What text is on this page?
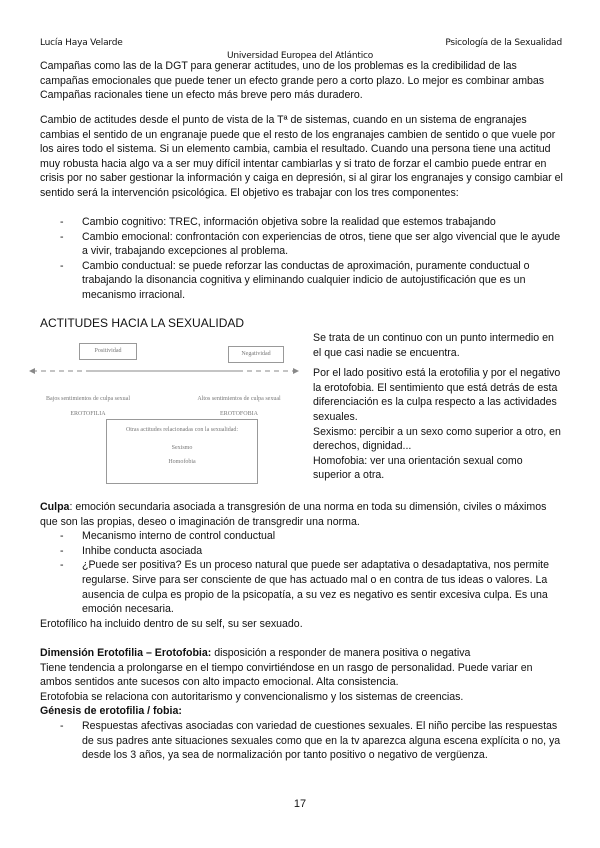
Lucía Haya Velarde	Psicología de la Sexualidad
Universidad Europea del Atlántico

Campañas como las de la DGT para generar actitudes, uno de los problemas es la credibilidad de las campañas emocionales que puede tener un efecto grande pero a corto plazo. Lo mejor es combinar ambas Campañas racionales tiene un efecto más breve pero más duradero.

Cambio de actitudes desde el punto de vista de la Tª de sistemas, cuando en un sistema de engranajes cambias el sentido de un engranaje puede que el resto de los engranajes cambien de sentido o que vuele por los aires todo el sistema. Si un elemento cambia, cambia el resultado. Cuando una persona tiene una actitud muy robusta hacia algo va a ser muy difícil intentar cambiarlas y si trato de forzar el cambio puede entrar en crisis por no saber gestionar la información y caiga en depresión, si al girar los engranajes y consigo cambiar el sentido será la intervención psicológica. El objetivo es trabajar con los tres componentes:

- Cambio cognitivo: TREC, información objetiva sobre la realidad que estemos trabajando
- Cambio emocional: confrontación con experiencias de otros, tiene que ser algo vivencial que le ayude a vivir, trabajando excepciones al problema.
- Cambio conductual: se puede reforzar las conductas de aproximación, puramente conductual o trabajando la disonancia cognitiva y eliminando cualquier indicio de autojustificación que es un mecanismo irracional.
ACTITUDES HACIA LA SEXUALIDAD
Positividad	Negatividad
Bajos sentimientos de culpa sexual
EROTOFILIA
Altos sentimientos de culpa sexual
EROTOFOBIA
Otras actitudes relacionadas con la sexualidad:
Sexismo
Homofobia

Se trata de un continuo con un punto intermedio en el que casi nadie se encuentra.

Por el lado positivo está la erotofilia y por el negativo la erotofobia. El sentimiento que está detrás de esta diferenciación es la culpa respecto a las actividades sexuales.

Sexismo: percibir a un sexo como superior a otro, en derechos, dignidad...

Homofobia: ver una orientación sexual como superior a otra.

Culpa: emoción secundaria asociada a transgresión de una norma en toda su dimensión, civiles o máximos que son las propias, deseo o imaginación de transgredir una norma.
- Mecanismo interno de control conductual
- Inhibe conducta asociada
- ¿Puede ser positiva? Es un proceso natural que puede ser adaptativa o desadaptativa, nos permite regularse. Sirve para ser consciente de que has actuado mal o en contra de tus ideas o valores. La ausencia de culpa es propio de la psicopatía, a su vez es negativo es sentir excesiva culpa. Es una emoción necesaria.
Erotofílico ha incluido dentro de su self, su ser sexuado.
Dimensión Erotofilia – Erotofobia: disposición a responder de manera positiva o negativa
Tiene tendencia a prolongarse en el tiempo convirtiéndose en un rasgo de personalidad. Puede variar en ambos sentidos ante sucesos con alto impacto emocional. Alta consistencia.
Erotofobia se relaciona con autoritarismo y convencionalismo y los sistemas de creencias.
Génesis de erotofilia / fobia:
- Respuestas afectivas asociadas con variedad de cuestiones sexuales. El niño percibe las respuestas de sus padres ante situaciones sexuales como que en la tv aparezca alguna escena explícita o no, ya desde los 3 años, ya sea de normalización por tanto positivo o negativo de vergüenza.
17
